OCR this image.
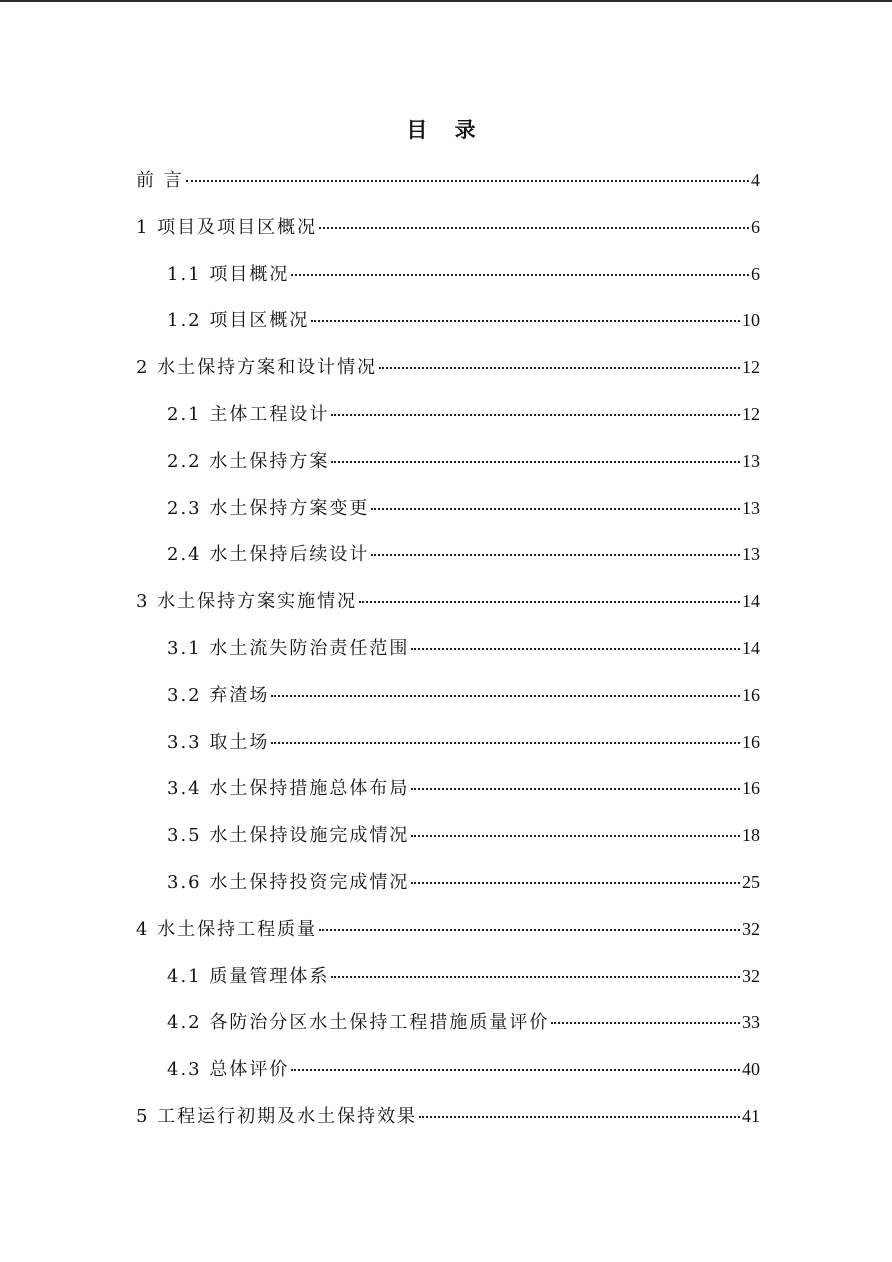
目 录
前 言	4
1 项目及项目区概况	6
1.1 项目概况	6
1.2 项目区概况	10
2 水土保持方案和设计情况	12
2.1 主体工程设计	12
2.2 水土保持方案	13
2.3 水土保持方案变更	13
2.4 水土保持后续设计	13
3 水土保持方案实施情况	14
3.1 水土流失防治责任范围	14
3.2 弃渣场	16
3.3 取土场	16
3.4 水土保持措施总体布局	16
3.5 水土保持设施完成情况	18
3.6 水土保持投资完成情况	25
4 水土保持工程质量	32
4.1 质量管理体系	32
4.2 各防治分区水土保持工程措施质量评价	33
4.3 总体评价	40
5 工程运行初期及水土保持效果	41
